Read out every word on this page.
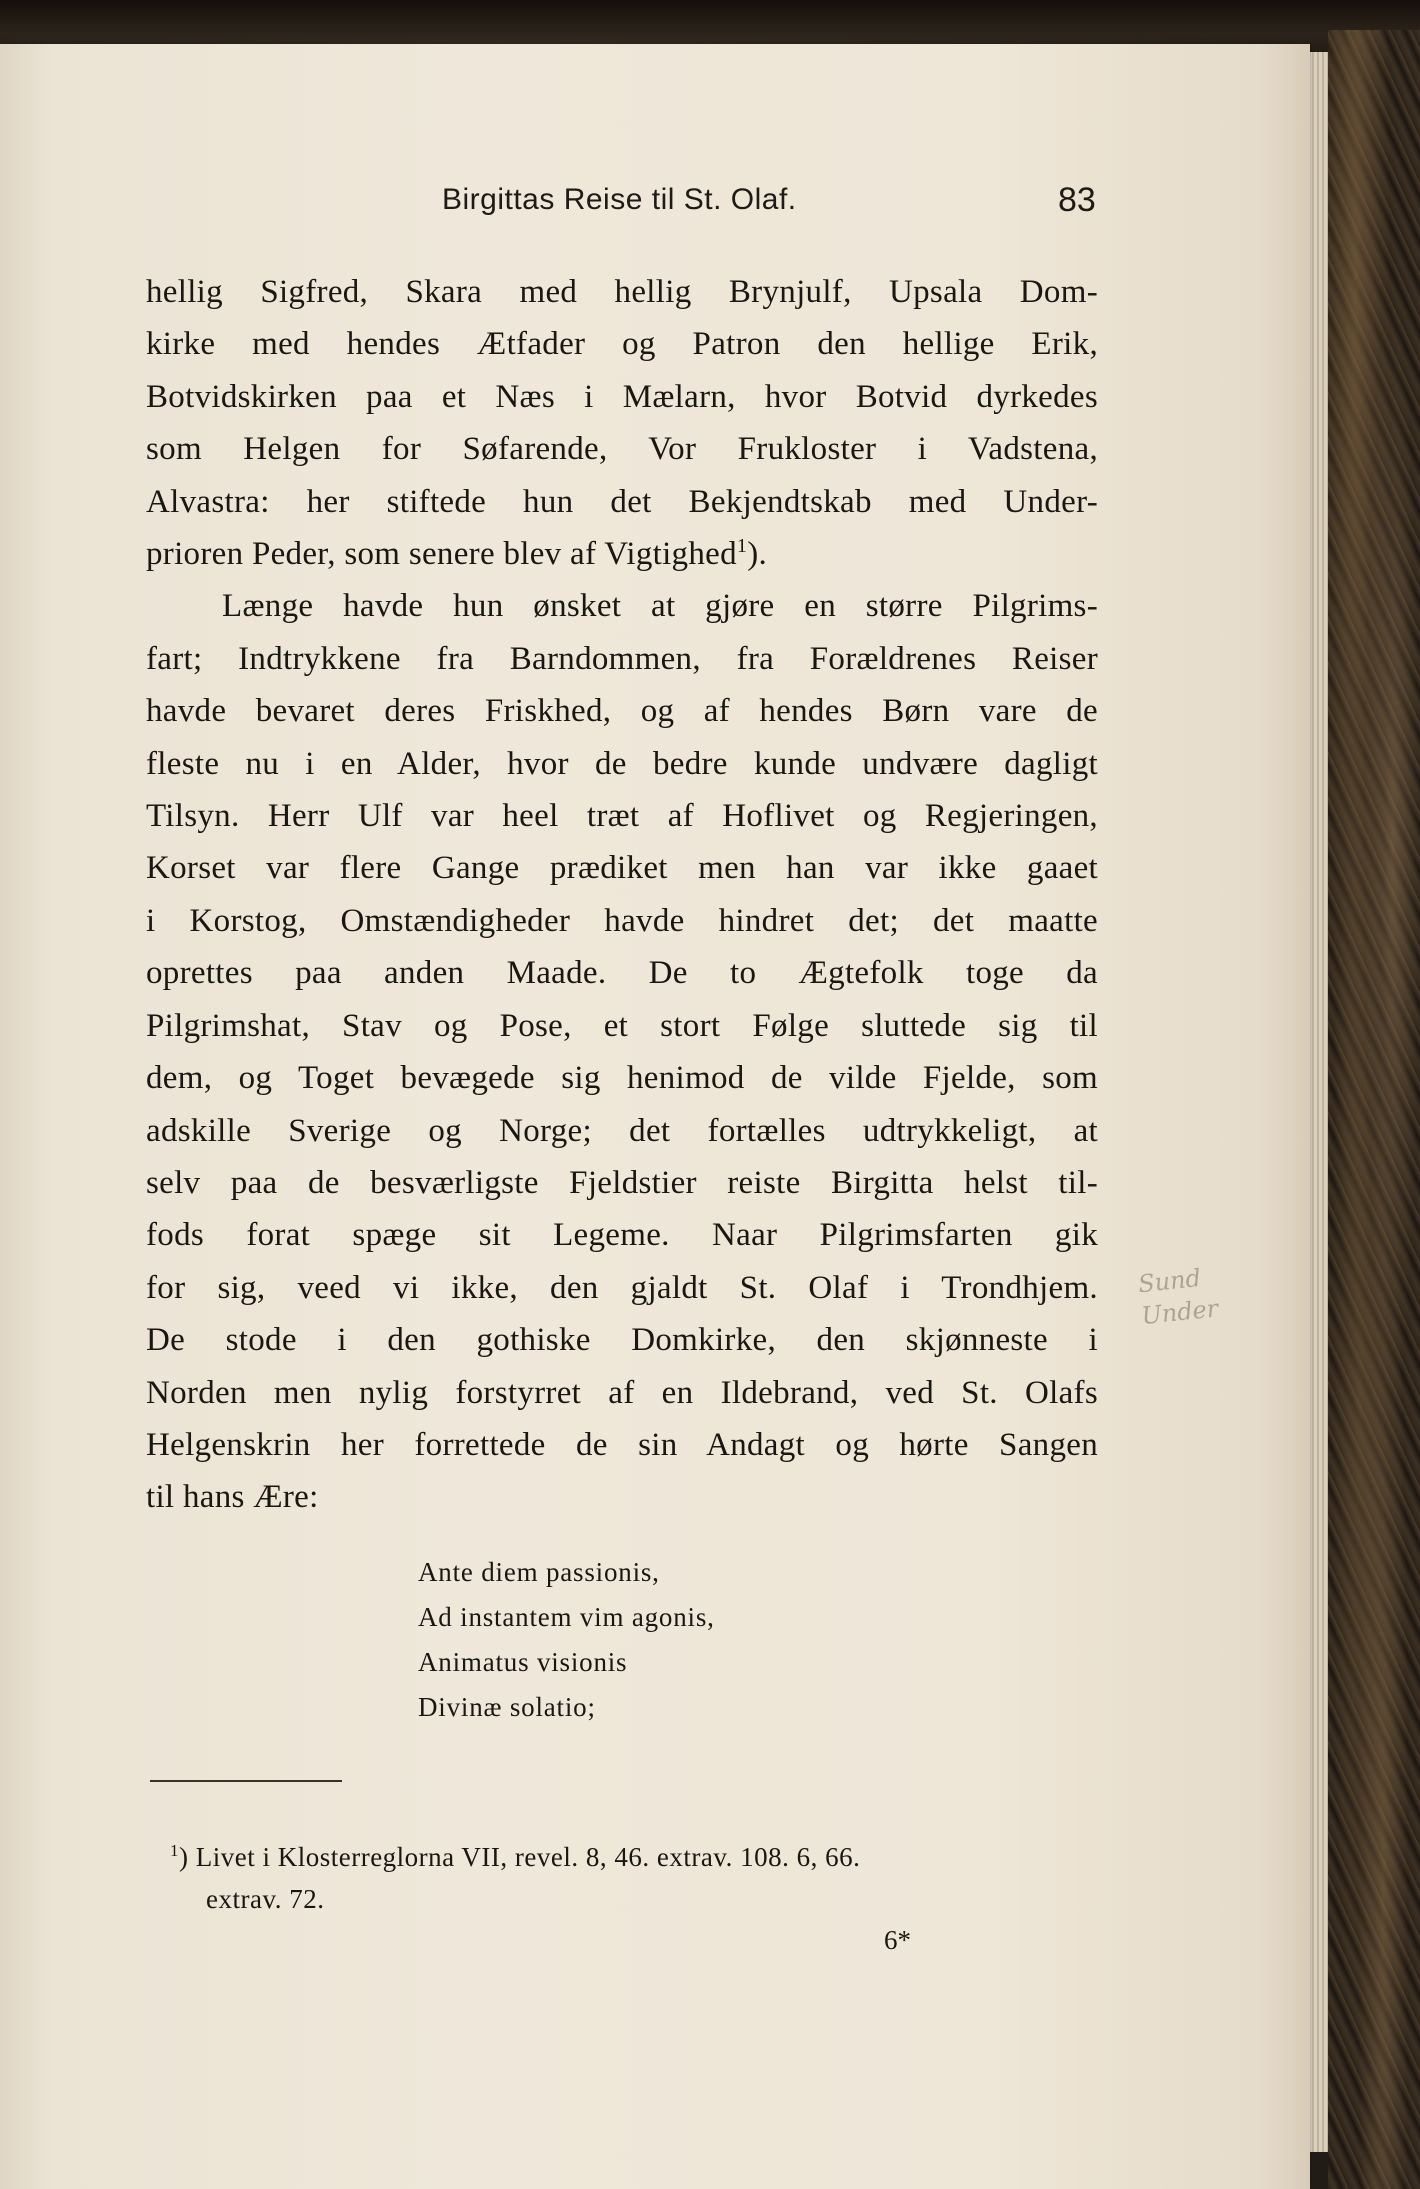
Birgittas Reise til St. Olaf.	83

hellig Sigfred, Skara med hellig Brynjulf, Upsala Dom-
kirke med hendes Ætfader og Patron den hellige Erik,
Botvidskirken paa et Næs i Mælarn, hvor Botvid dyrkedes
som Helgen for Søfarende, Vor Frukloster i Vadstena,
Alvastra: her stiftede hun det Bekjendtskab med Under-
prioren Peder, som senere blev af Vigtighed$^1$).

Længe havde hun ønsket at gjøre en større Pilgrims-
fart; Indtrykkene fra Barndommen, fra Forældrenes Reiser
havde bevaret deres Friskhed, og af hendes Børn vare de
fleste nu i en Alder, hvor de bedre kunde undvære dagligt
Tilsyn. Herr Ulf var heel træt af Hoflivet og Regjeringen,
Korset var flere Gange prædiket men han var ikke gaaet
i Korstog, Omstændigheder havde hindret det; det maatte
oprettes paa anden Maade. De to Ægtefolk toge da
Pilgrimshat, Stav og Pose, et stort Følge sluttede sig til
dem, og Toget bevægede sig henimod de vilde Fjelde, som
adskille Sverige og Norge; det fortælles udtrykkeligt, at
selv paa de besværligste Fjeldstier reiste Birgitta helst til-
fods forat spæge sit Legeme. Naar Pilgrimsfarten gik
for sig, veed vi ikke, den gjaldt St. Olaf i Trondhjem.
De stode i den gothiske Domkirke, den skjønneste i
Norden men nylig forstyrret af en Ildebrand, ved St. Olafs
Helgenskrin her forrettede de sin Andagt og hørte Sangen
til hans Ære:

Ante diem passionis,
Ad instantem vim agonis,
Animatus visionis
Divinæ solatio;
$^1$) Livet i Klosterreglorna VII, revel. 8, 46. extrav. 108. 6, 66.
extrav. 72.
6*
Sund
Under
